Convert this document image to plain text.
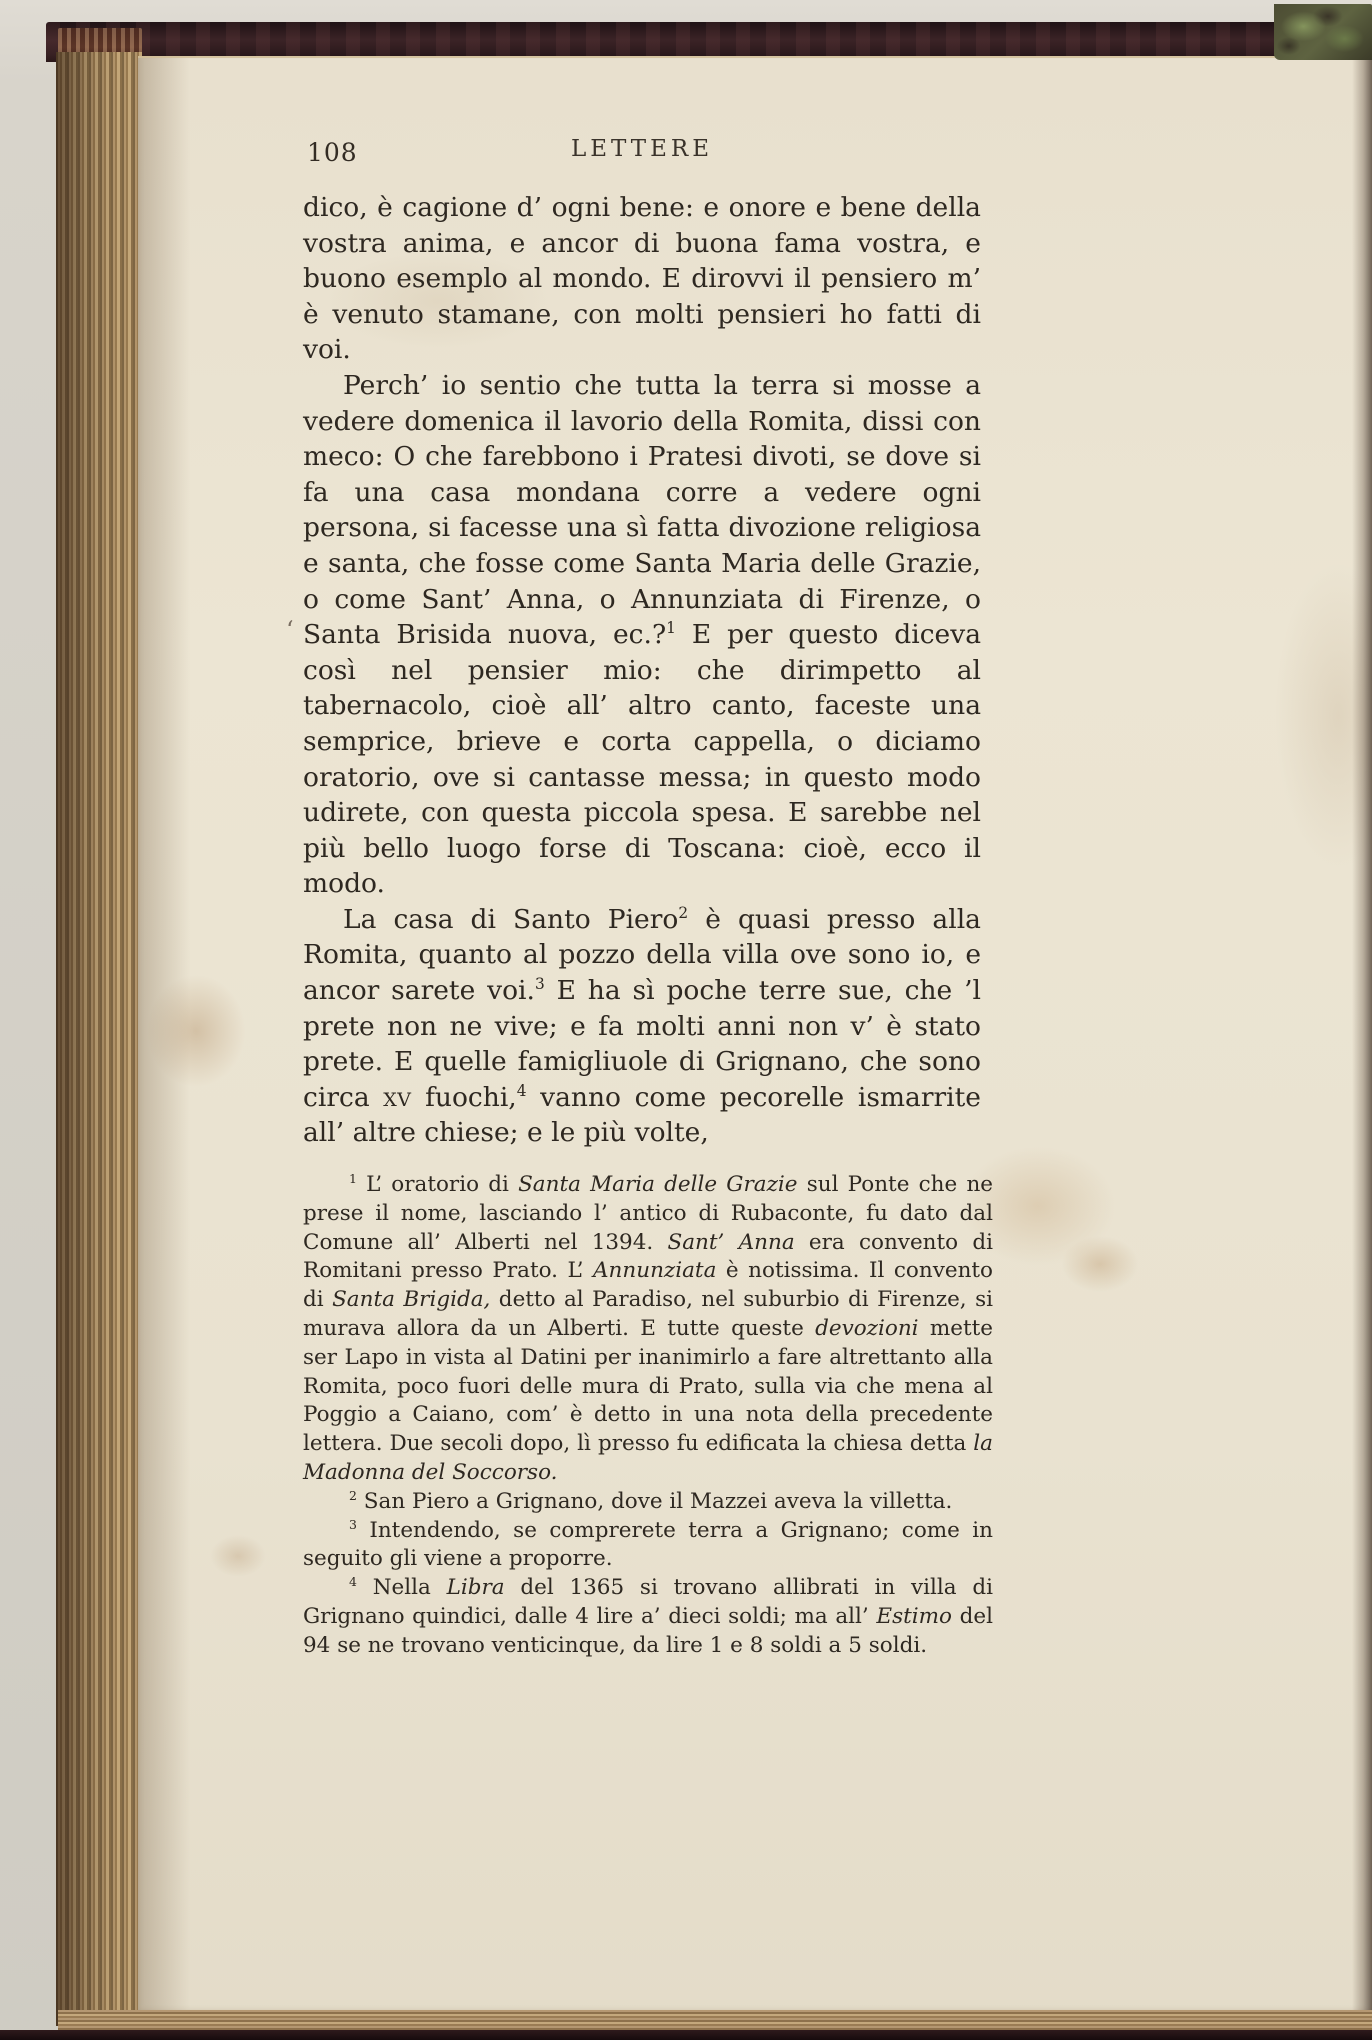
‘
108	LETTERE

dico, è cagione d’ ogni bene: e onore e bene della vostra anima, e ancor di buona fama vostra, e buono esemplo al mondo. E dirovvi il pensiero m’ è venuto stamane, con molti pensieri ho fatti di voi.

Perch’ io sentio che tutta la terra si mosse a vedere domenica il lavorio della Romita, dissi con meco: O che farebbono i Pratesi divoti, se dove si fa una casa mondana corre a vedere ogni persona, si facesse una sì fatta divozione religiosa e santa, che fosse come Santa Maria delle Grazie, o come Sant’ Anna, o Annunziata di Firenze, o Santa Brisida nuova, ec.?$^1$ E per questo diceva così nel pensier mio: che dirimpetto al tabernacolo, cioè all’ altro canto, faceste una semprice, brieve e corta cappella, o diciamo oratorio, ove si cantasse messa; in questo modo udirete, con questa piccola spesa. E sarebbe nel più bello luogo forse di Toscana: cioè, ecco il modo.

La casa di Santo Piero$^2$ è quasi presso alla Romita, quanto al pozzo della villa ove sono io, e ancor sarete voi.$^3$ E ha sì poche terre sue, che ’l prete non ne vive; e fa molti anni non v’ è stato prete. E quelle famigliuole di Grignano, che sono circa xv fuochi,$^4$ vanno come pecorelle ismarrite all’ altre chiese; e le più volte,

$^1$ L’ oratorio di Santa Maria delle Grazie sul Ponte che ne prese il nome, lasciando l’ antico di Rubaconte, fu dato dal Comune all’ Alberti nel 1394. Sant’ Anna era convento di Romitani presso Prato. L’ Annunziata è notissima. Il convento di Santa Brigida, detto al Paradiso, nel suburbio di Firenze, si murava allora da un Alberti. E tutte queste devozioni mette ser Lapo in vista al Datini per inanimirlo a fare altrettanto alla Romita, poco fuori delle mura di Prato, sulla via che mena al Poggio a Caiano, com’ è detto in una nota della precedente lettera. Due secoli dopo, lì presso fu edificata la chiesa detta la Madonna del Soccorso.

$^2$ San Piero a Grignano, dove il Mazzei aveva la villetta.

$^3$ Intendendo, se comprerete terra a Grignano; come in seguito gli viene a proporre.

$^4$ Nella Libra del 1365 si trovano allibrati in villa di Grignano quindici, dalle 4 lire a’ dieci soldi; ma all’ Estimo del 94 se ne trovano venticinque, da lire 1 e 8 soldi a 5 soldi.
